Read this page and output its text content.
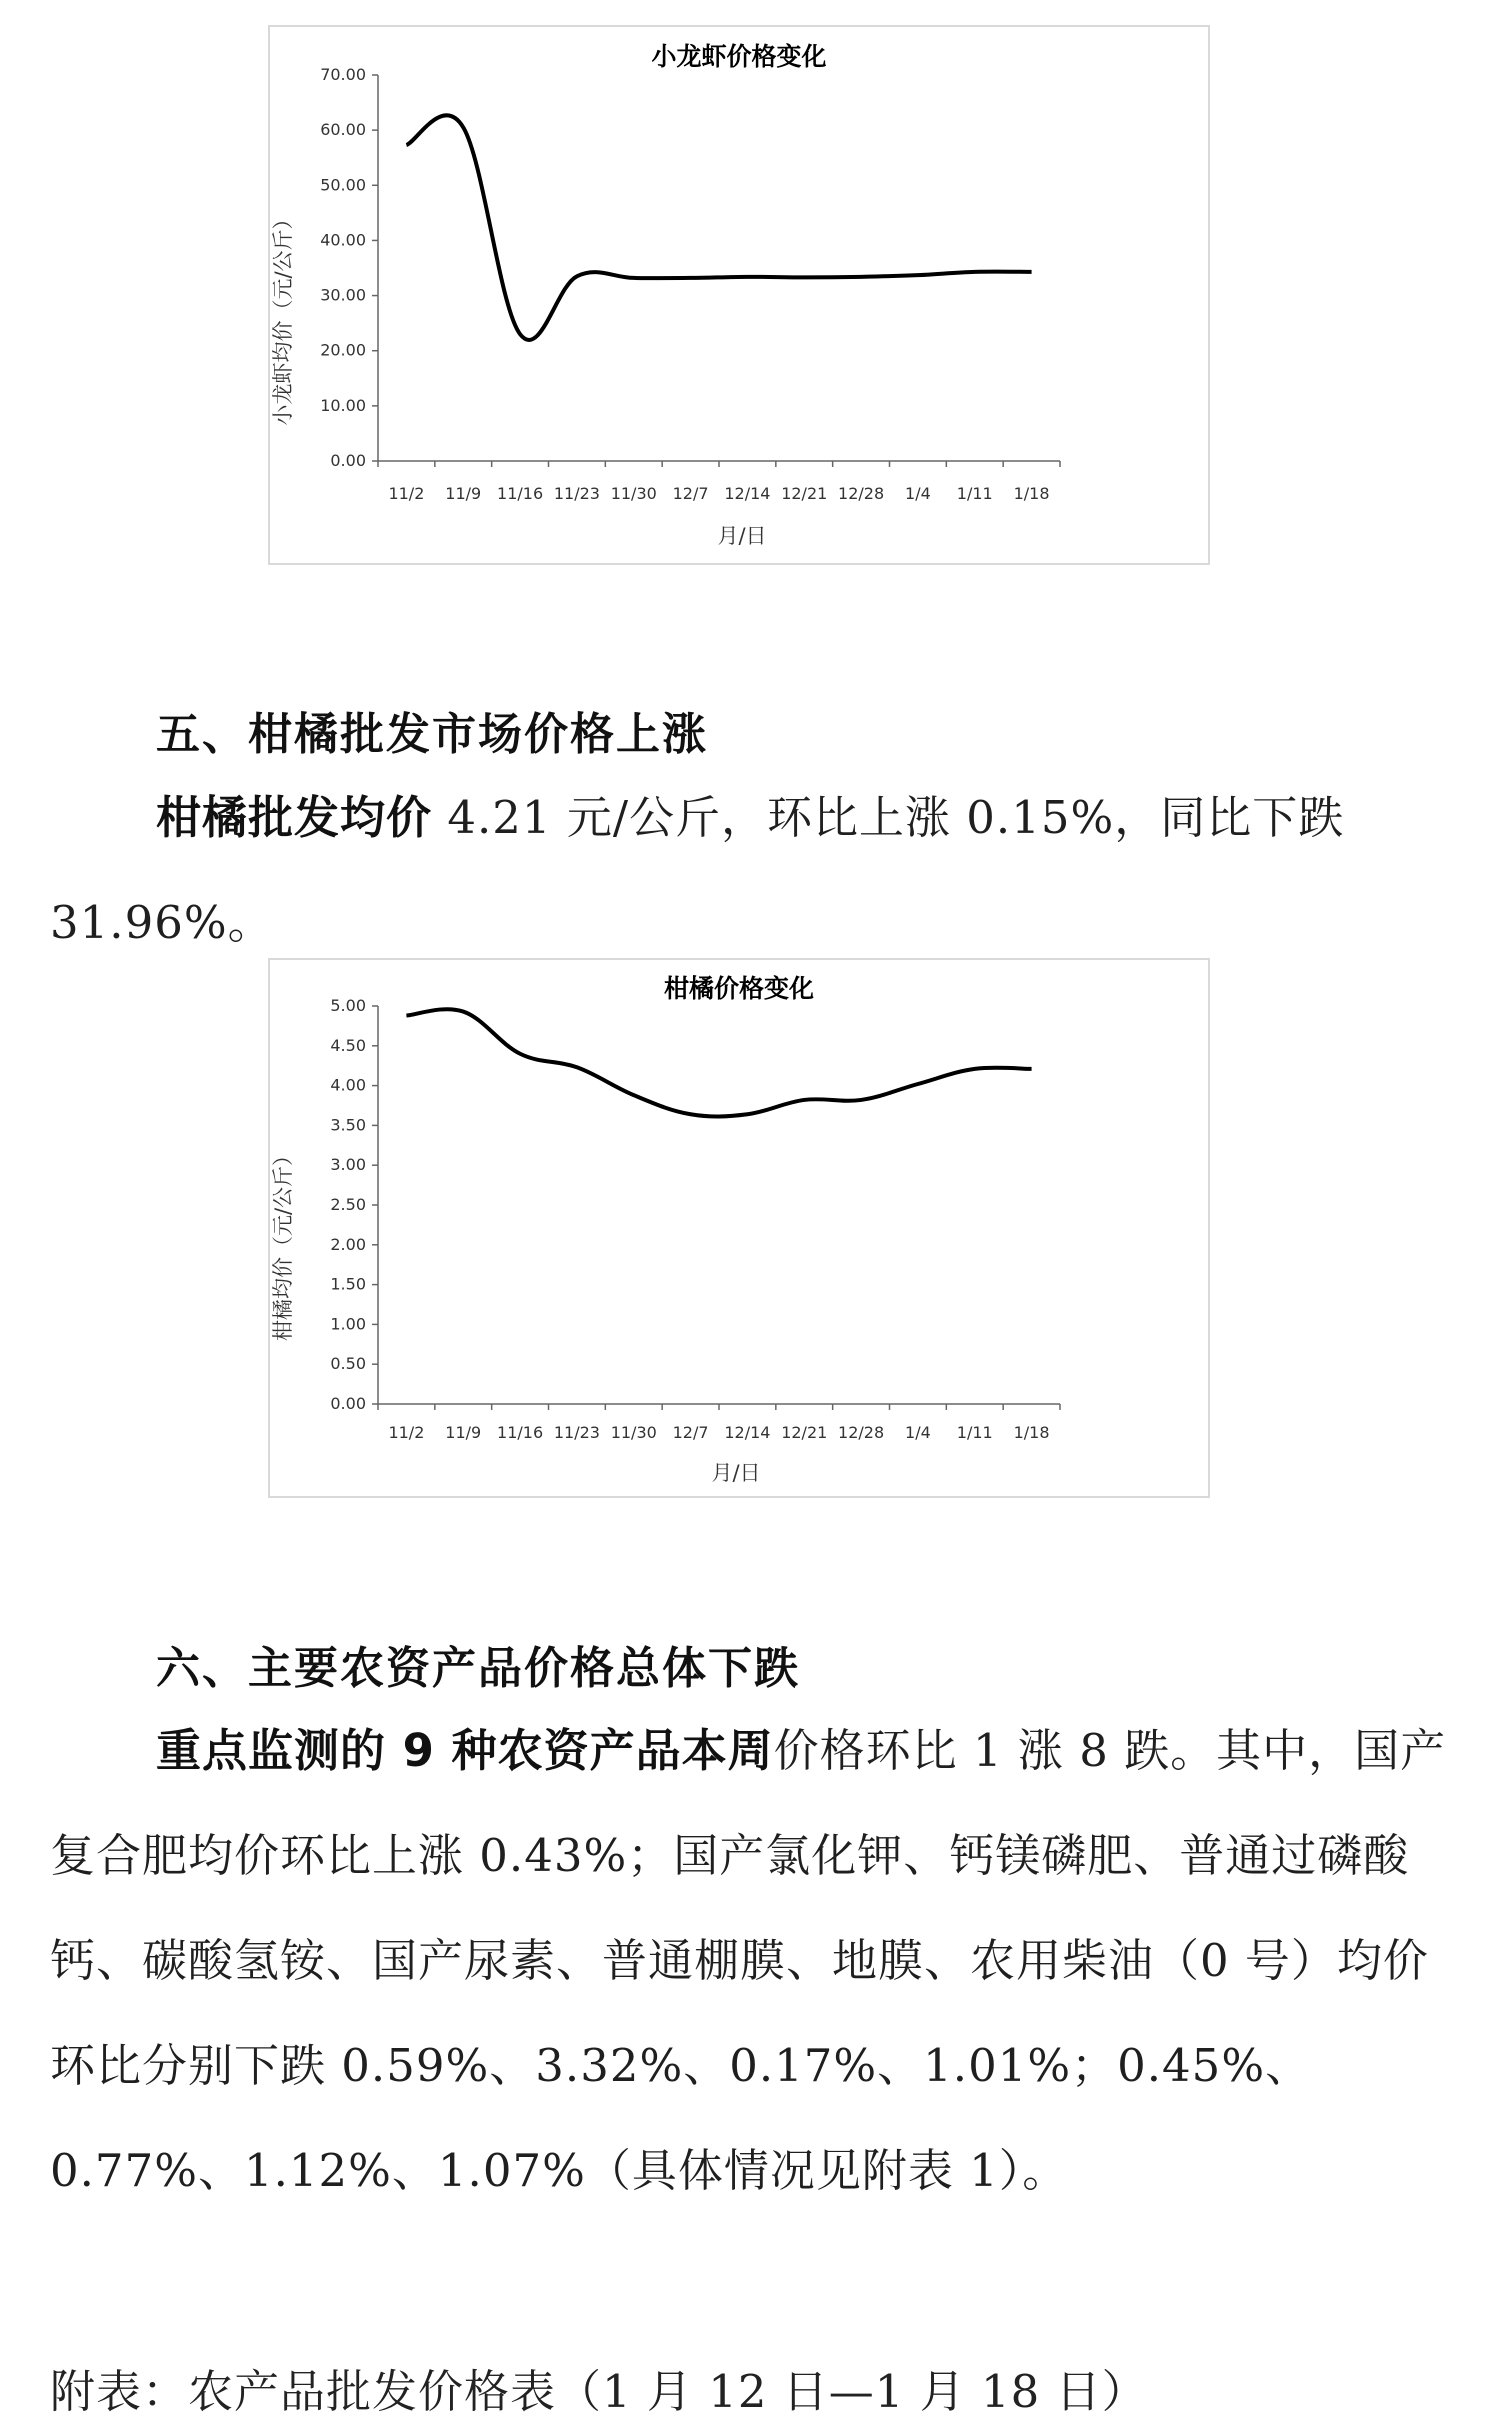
小龙虾价格变化
小龙虾均价（元/公斤）
月/日
70.00
60.00
50.00
40.00
30.00
20.00
10.00
0.00
11/2 11/9 11/16 11/23 11/30 12/7 12/14 12/21 12/28 1/4 1/11 1/18
五、柑橘批发市场价格上涨

柑橘批发均价 4.21 元/公斤，环比上涨 0.15%，同比下跌 31.96%。

柑橘价格变化
柑橘均价（元/公斤）
月/日
5.00
4.50
4.00
3.50
3.00
2.50
2.00
1.50
1.00
0.50
0.00
11/2 11/9 11/16 11/23 11/30 12/7 12/14 12/21 12/28 1/4 1/11 1/18
六、主要农资产品价格总体下跌

重点监测的 9 种农资产品本周价格环比 1 涨 8 跌。其中，国产复合肥均价环比上涨 0.43%；国产氯化钾、钙镁磷肥、普通过磷酸钙、碳酸氢铵、国产尿素、普通棚膜、地膜、农用柴油（0 号）均价环比分别下跌 0.59%、3.32%、0.17%、1.01%；0.45%、0.77%、1.12%、1.07%（具体情况见附表 1）。

附表：农产品批发价格表（1 月 12 日—1 月 18 日）
